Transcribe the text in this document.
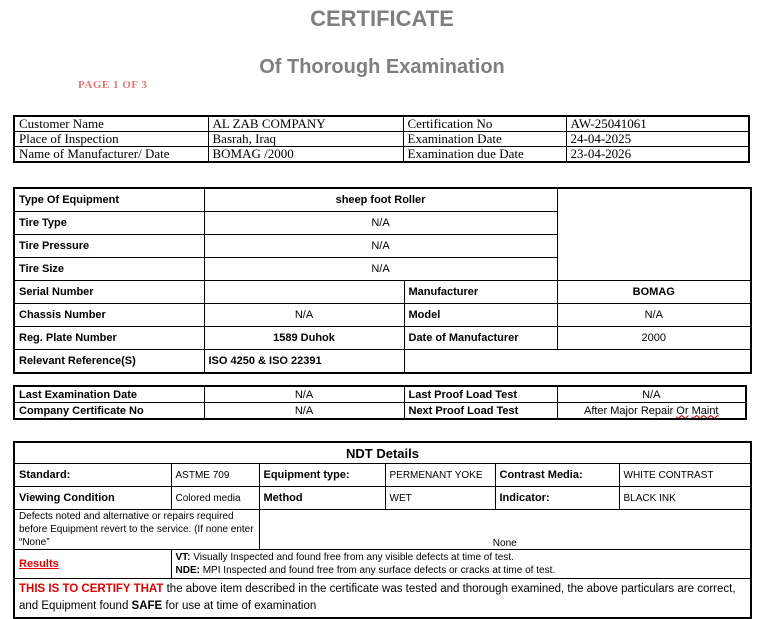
CERTIFICATE
Of Thorough Examination
PAGE 1 OF 3
Customer Name	AL ZAB COMPANY	Certification No	AW-25041061
Place of Inspection	Basrah, Iraq	Examination Date	24-04-2025
Name of Manufacturer/ Date	BOMAG /2000	Examination due Date	23-04-2026
Type Of Equipment	sheep foot Roller		
Tire Type	N/A		
Tire Pressure	N/A		
Tire Size	N/A		
Serial Number		Manufacturer	BOMAG
Chassis Number	N/A	Model	N/A
Reg. Plate Number	1589 Duhok	Date of Manufacturer	2000
Relevant Reference(S)	ISO 4250 & ISO 22391		
Last Examination Date	N/A	Last Proof Load Test	N/A
Company Certificate No	N/A	Next Proof Load Test	After Major Repair Or Maint
NDT Details					
Standard:	ASTME 709	Equipment type:	PERMENANT YOKE	Contrast Media:	WHITE CONTRAST
Viewing Condition	Colored media	Method	WET	Indicator:	BLACK INK
Defects noted and alternative or repairs required before Equipment revert to the service. (If none enter “None”		None			
Results	VT: Visually Inspected and found free from any visible defects at time of test.
NDE: MPI Inspected and found free from any surface defects or cracks at time of test.				

THIS IS TO CERTIFY THAT the above item described in the certificate was tested and thorough examined, the above particulars are correct, and Equipment found SAFE for use at time of examination					
